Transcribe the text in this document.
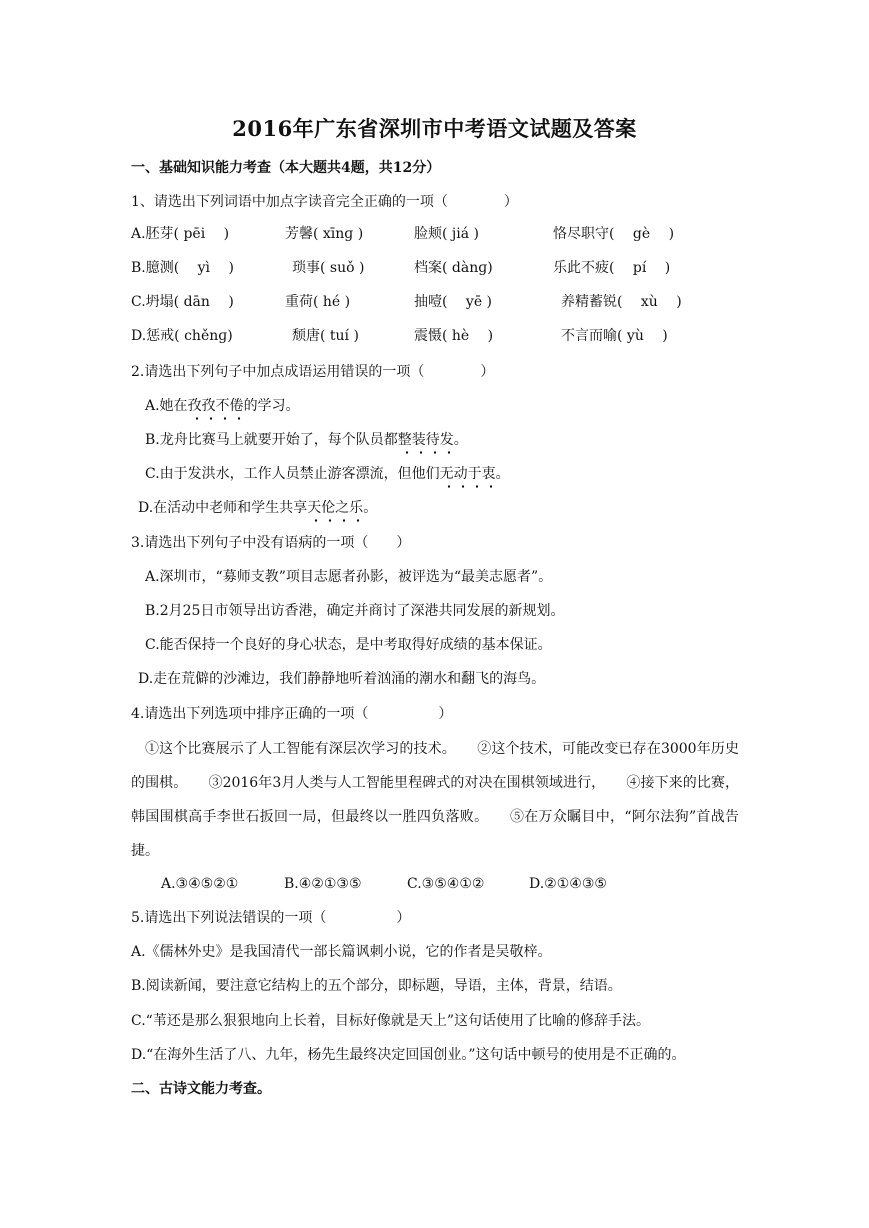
2016年广东省深圳市中考语文试题及答案
一、基础知识能力考查（本大题共4题，共12分）
1、请选出下列词语中加点字读音完全正确的一项（　　　　）
A.胚芽( pēi　 )	芳馨( xīnɡ )	脸颊( jiá )	恪尽职守(　 gè　 )
B.臆测(　 yì　 )	琐事( suǒ )	档案( dànɡ)	乐此不疲(　 pí　 )
C.坍塌( dān　 )	重荷( hé )	抽噎(　 yē )	养精蓄锐(　 xù　 )
D.惩戒( chěnɡ)	颓唐( tuí )	震慑( hè　 )	不言而喻( yù　 )
2.请选出下列句子中加点成语运用错误的一项（　　　　）
A.她在孜孜不倦的学习。
B.龙舟比赛马上就要开始了，每个队员都整装待发。
C.由于发洪水，工作人员禁止游客漂流，但他们无动于衷。
D.在活动中老师和学生共享天伦之乐。
3.请选出下列句子中没有语病的一项（　　）
A.深圳市，“募师支教”项目志愿者孙影，被评选为“最美志愿者”。
B.2月25日市领导出访香港，确定并商讨了深港共同发展的新规划。
C.能否保持一个良好的身心状态，是中考取得好成绩的基本保证。
D.走在荒僻的沙滩边，我们静静地听着汹涌的潮水和翻飞的海鸟。
4.请选出下列选项中排序正确的一项（　　　　　）
①这个比赛展示了人工智能有深层次学习的技术。　　②这个技术，可能改变已存在3000年历史的围棋。　　③2016年3月人类与人工智能里程碑式的对决在围棋领域进行，　　④接下来的比赛，韩国围棋高手李世石扳回一局，但最终以一胜四负落败。　　⑤在万众瞩目中，“阿尔法狗”首战告捷。
A.③④⑤②①	B.④②①③⑤	C.③⑤④①②	D.②①④③⑤
5.请选出下列说法错误的一项（　　　　　）
A.《儒林外史》是我国清代一部长篇讽刺小说，它的作者是吴敬梓。
B.阅读新闻，要注意它结构上的五个部分，即标题，导语，主体，背景，结语。
C.“苇还是那么狠狠地向上长着，目标好像就是天上”这句话使用了比喻的修辞手法。
D.“在海外生活了八、九年，杨先生最终决定回国创业。”这句话中顿号的使用是不正确的。
二、古诗文能力考查。
